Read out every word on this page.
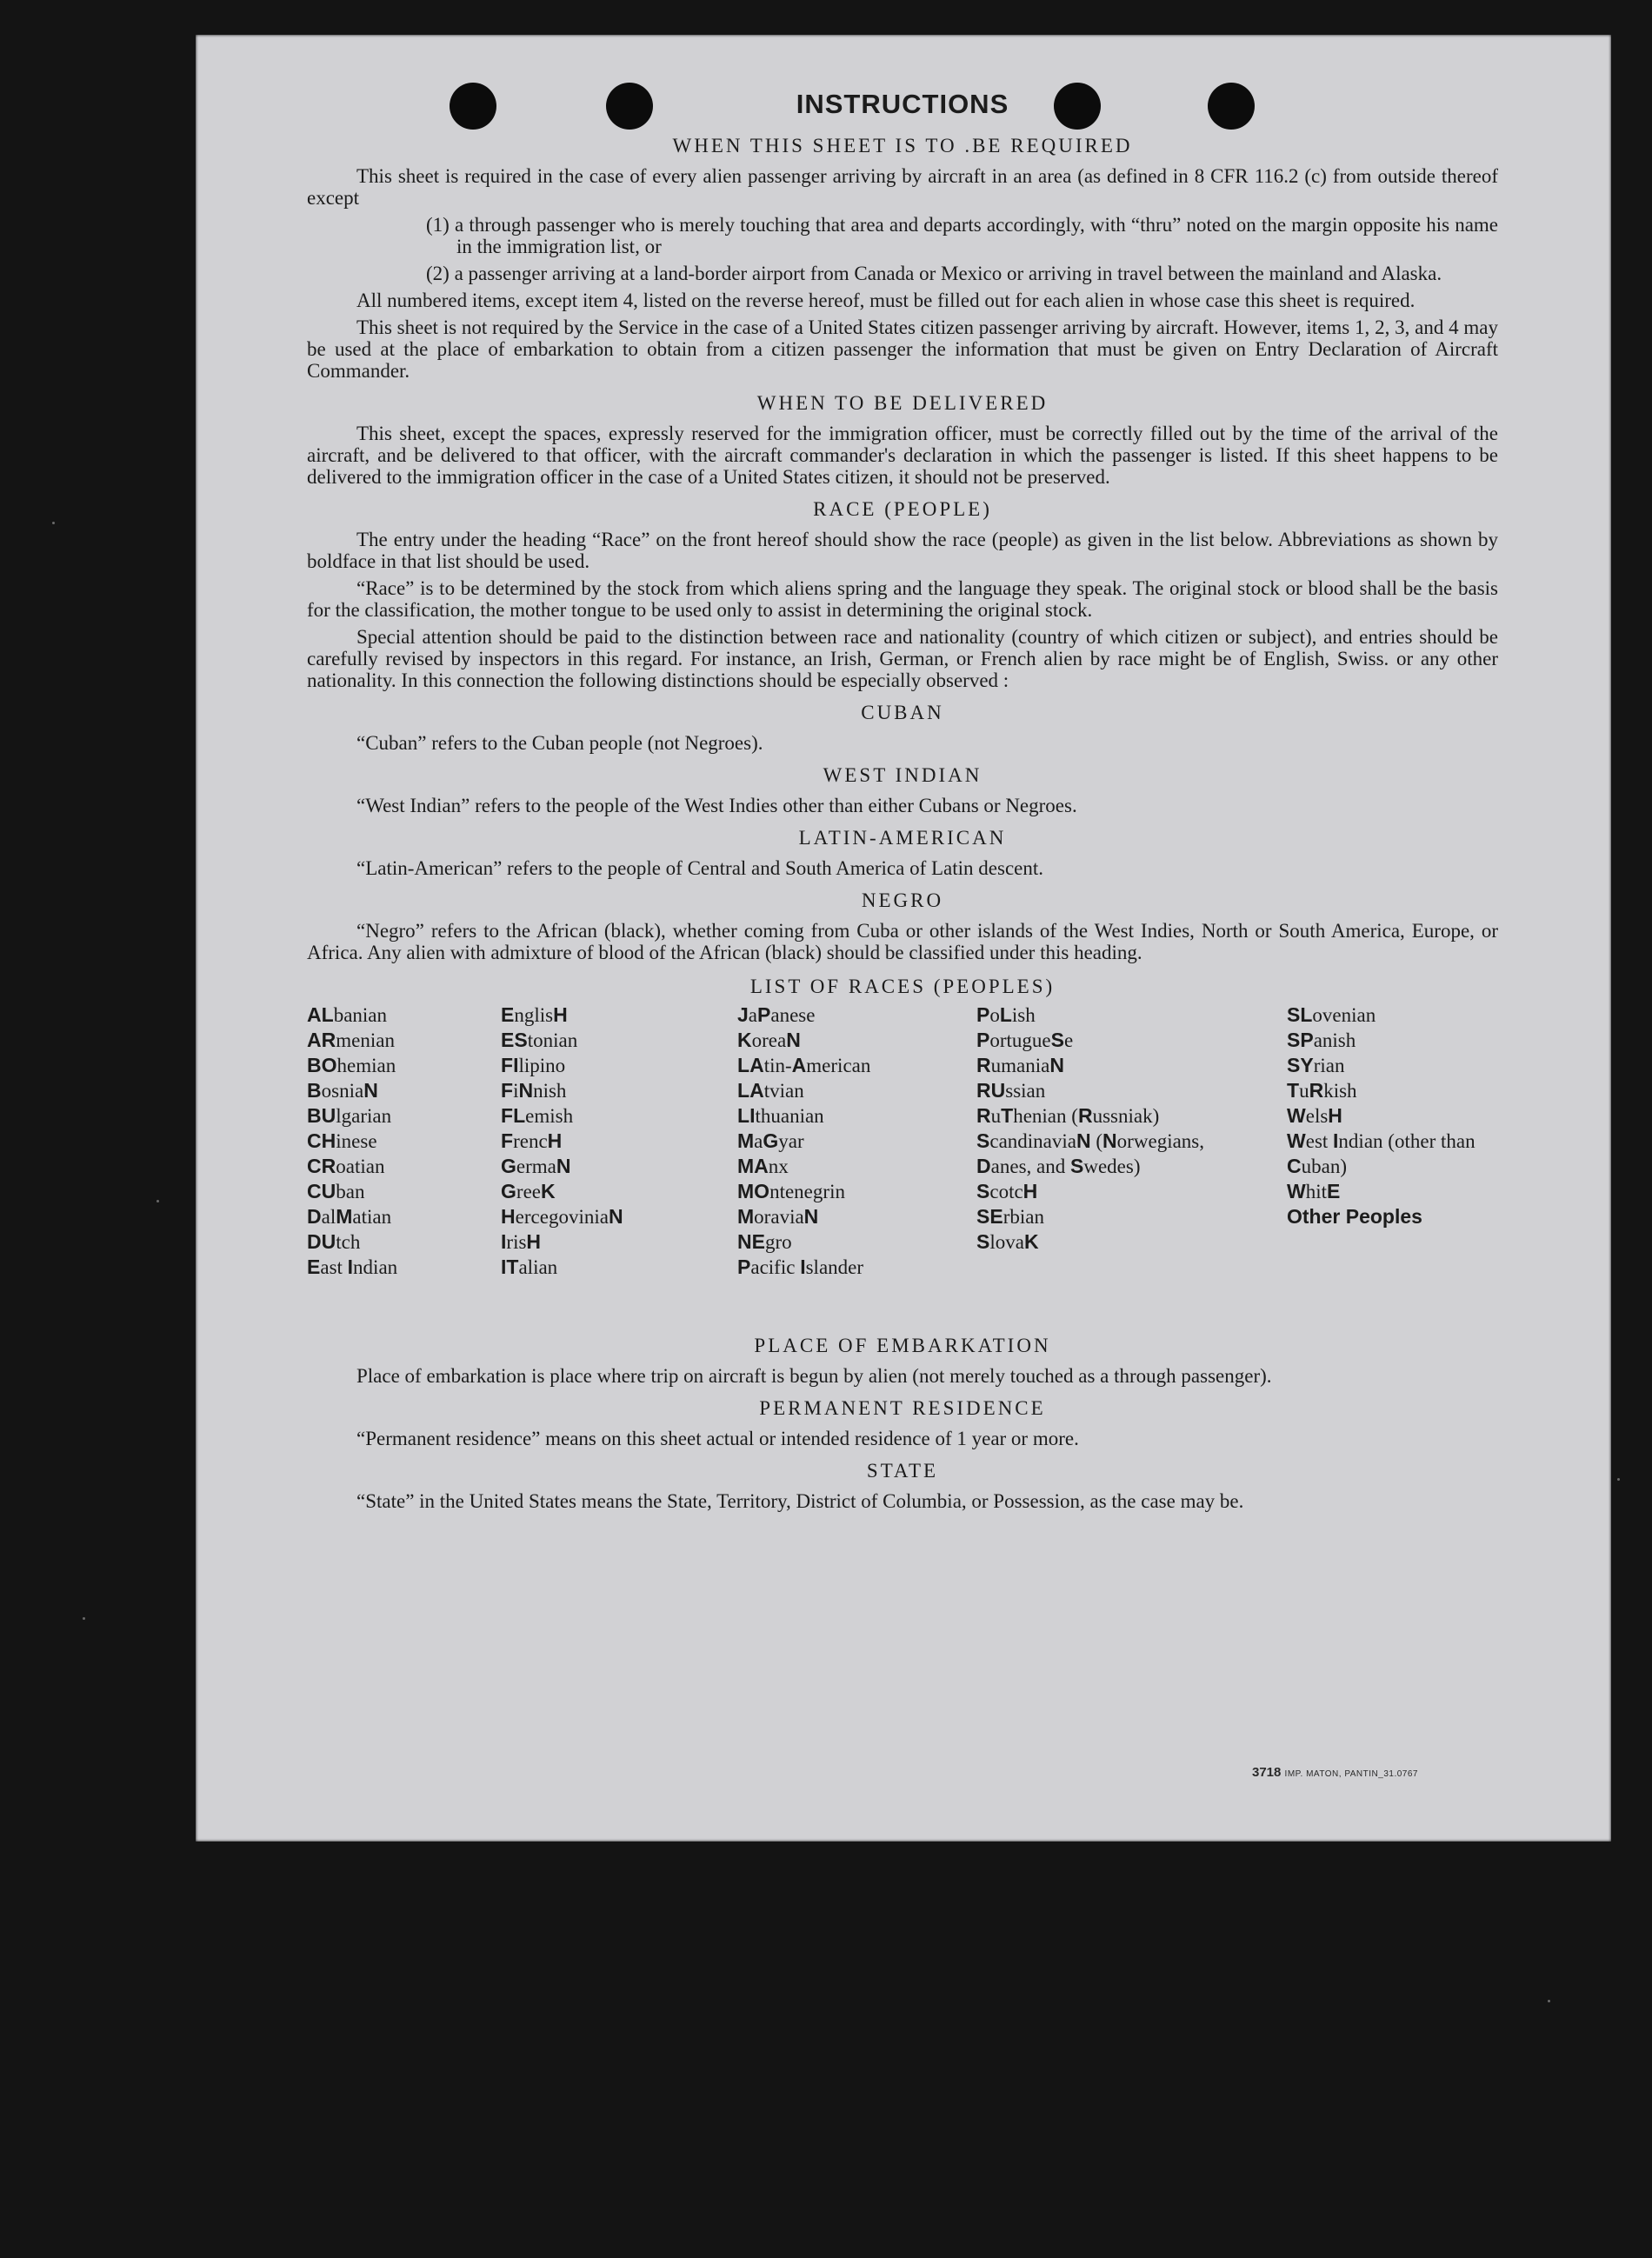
INSTRUCTIONS
WHEN THIS SHEET IS TO .BE REQUIRED

This sheet is required in the case of every alien passenger arriving by aircraft in an area (as defined in 8 CFR 116.2 (c) from outside thereof except

(1) a through passenger who is merely touching that area and departs accordingly, with “thru” noted on the margin opposite his name in the immigration list, or
(2) a passenger arriving at a land-border airport from Canada or Mexico or arriving in travel between the mainland and Alaska.

All numbered items, except item 4, listed on the reverse hereof, must be filled out for each alien in whose case this sheet is required.

This sheet is not required by the Service in the case of a United States citizen passenger arriving by aircraft. However, items 1, 2, 3, and 4 may be used at the place of embarkation to obtain from a citizen passenger the information that must be given on Entry Declaration of Aircraft Commander.

WHEN TO BE DELIVERED

This sheet, except the spaces, expressly reserved for the immigration officer, must be correctly filled out by the time of the arrival of the aircraft, and be delivered to that officer, with the aircraft commander's declaration in which the passenger is listed. If this sheet happens to be delivered to the immigration officer in the case of a United States citizen, it should not be preserved.

RACE (PEOPLE)

The entry under the heading “Race” on the front hereof should show the race (people) as given in the list below. Abbreviations as shown by boldface in that list should be used.

“Race” is to be determined by the stock from which aliens spring and the language they speak. The original stock or blood shall be the basis for the classification, the mother tongue to be used only to assist in determining the original stock.

Special attention should be paid to the distinction between race and nationality (country of which citizen or subject), and entries should be carefully revised by inspectors in this regard. For instance, an Irish, German, or French alien by race might be of English, Swiss. or any other nationality. In this connection the following distinctions should be especially observed :

CUBAN

“Cuban” refers to the Cuban people (not Negroes).

WEST INDIAN

“West Indian” refers to the people of the West Indies other than either Cubans or Negroes.

LATIN-AMERICAN

“Latin-American” refers to the people of Central and South America of Latin descent.

NEGRO

“Negro” refers to the African (black), whether coming from Cuba or other islands of the West Indies, North or South America, Europe, or Africa. Any alien with admixture of blood of the African (black) should be classified under this heading.

LIST OF RACES (PEOPLES)
ALbanian
ARmenian
BOhemian
BosniaN
BUlgarian
CHinese
CRoatian
CUban
DalMatian
DUtch
East Indian
EnglisH
EStonian
FIlipino
FiNnish
FLemish
FrencH
GermaN
GreeK
HercegoviniaN
IrisH
ITalian
JaPanese
KoreaN
LAtin-American
LAtvian
LIthuanian
MaGyar
MAnx
MOntenegrin
MoraviaN
NEgro
Pacific Islander
PoLish
PortugueSe
RumaniaN
RUssian
RuThenian (Russniak)
ScandinaviaN (Norwegians, Danes, and Swedes)
ScotcH
SErbian
SlovaK
SLovenian
SPanish
SYrian
TuRkish
WelsH
West Indian (other than Cuban)
WhitE
Other Peoples
PLACE OF EMBARKATION

Place of embarkation is place where trip on aircraft is begun by alien (not merely touched as a through passenger).

PERMANENT RESIDENCE

“Permanent residence” means on this sheet actual or intended residence of 1 year or more.

STATE

“State” in the United States means the State, Territory, District of Columbia, or Possession, as the case may be.

3718 IMP. MATON, PANTIN_31.0767
